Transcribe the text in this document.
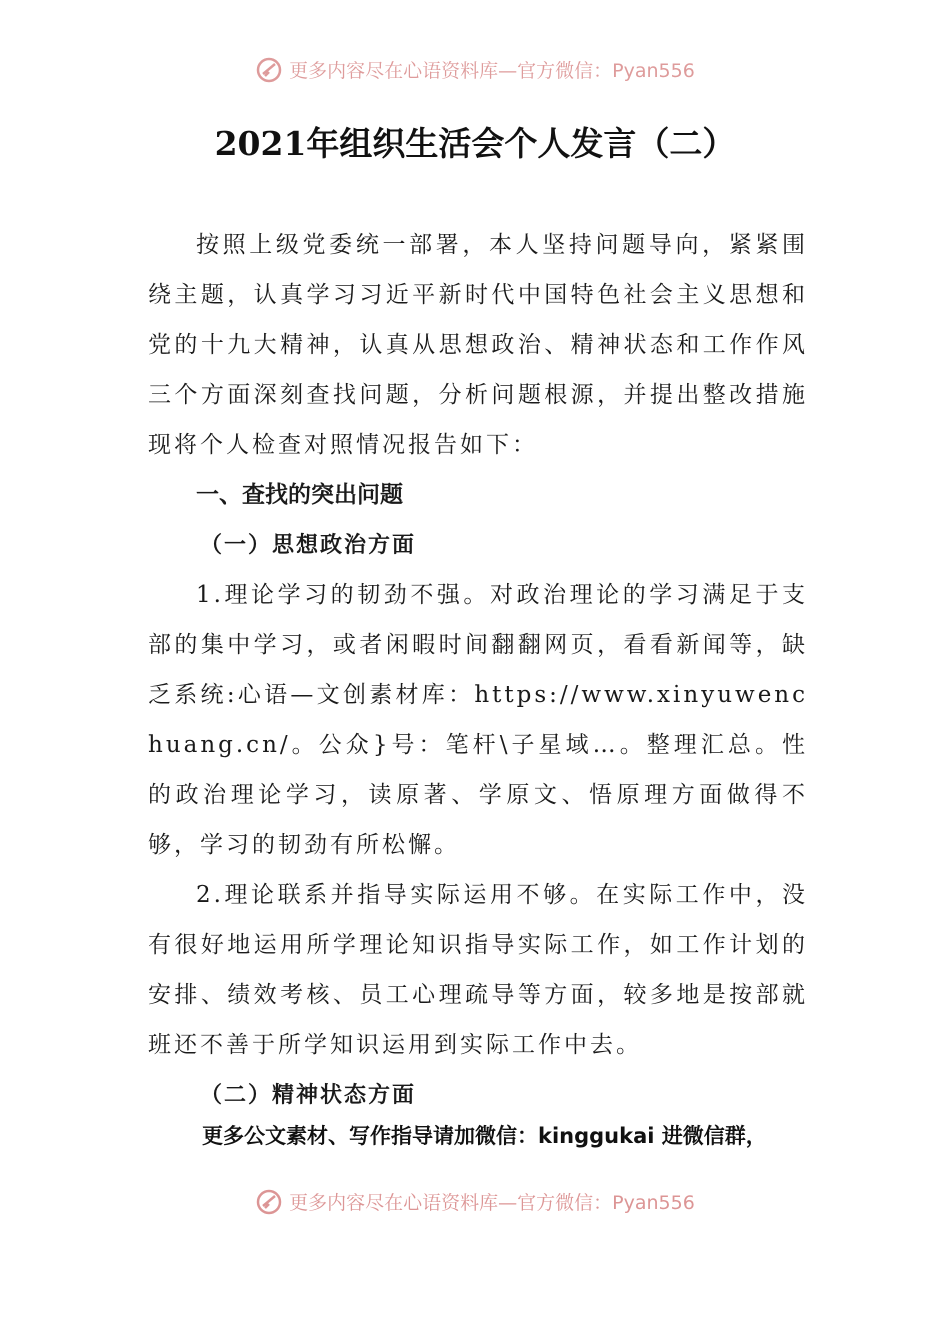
更多内容尽在心语资料库—官方微信：Pyan556
2021年组织生活会个人发言（二）

按照上级党委统一部署，本人坚持问题导向，紧紧围绕主题，认真学习习近平新时代中国特色社会主义思想和党的十九大精神，认真从思想政治、精神状态和工作作风三个方面深刻查找问题，分析问题根源，并提出整改措施现将个人检查对照情况报告如下：

一、查找的突出问题

（一）思想政治方面

1.理论学习的韧劲不强。对政治理论的学习满足于支部的集中学习，或者闲暇时间翻翻网页，看看新闻等，缺乏系统:心语—文创素材库：https://www.xinyuwenchuang.cn/。公众}号：笔杆\子星域…。整理汇总。性的政治理论学习，读原著、学原文、悟原理方面做得不够，学习的韧劲有所松懈。

2.理论联系并指导实际运用不够。在实际工作中，没有很好地运用所学理论知识指导实际工作，如工作计划的安排、绩效考核、员工心理疏导等方面，较多地是按部就班还不善于所学知识运用到实际工作中去。

（二）精神状态方面

更多公文素材、写作指导请加微信：kinggukai 进微信群，
更多内容尽在心语资料库—官方微信：Pyan556
